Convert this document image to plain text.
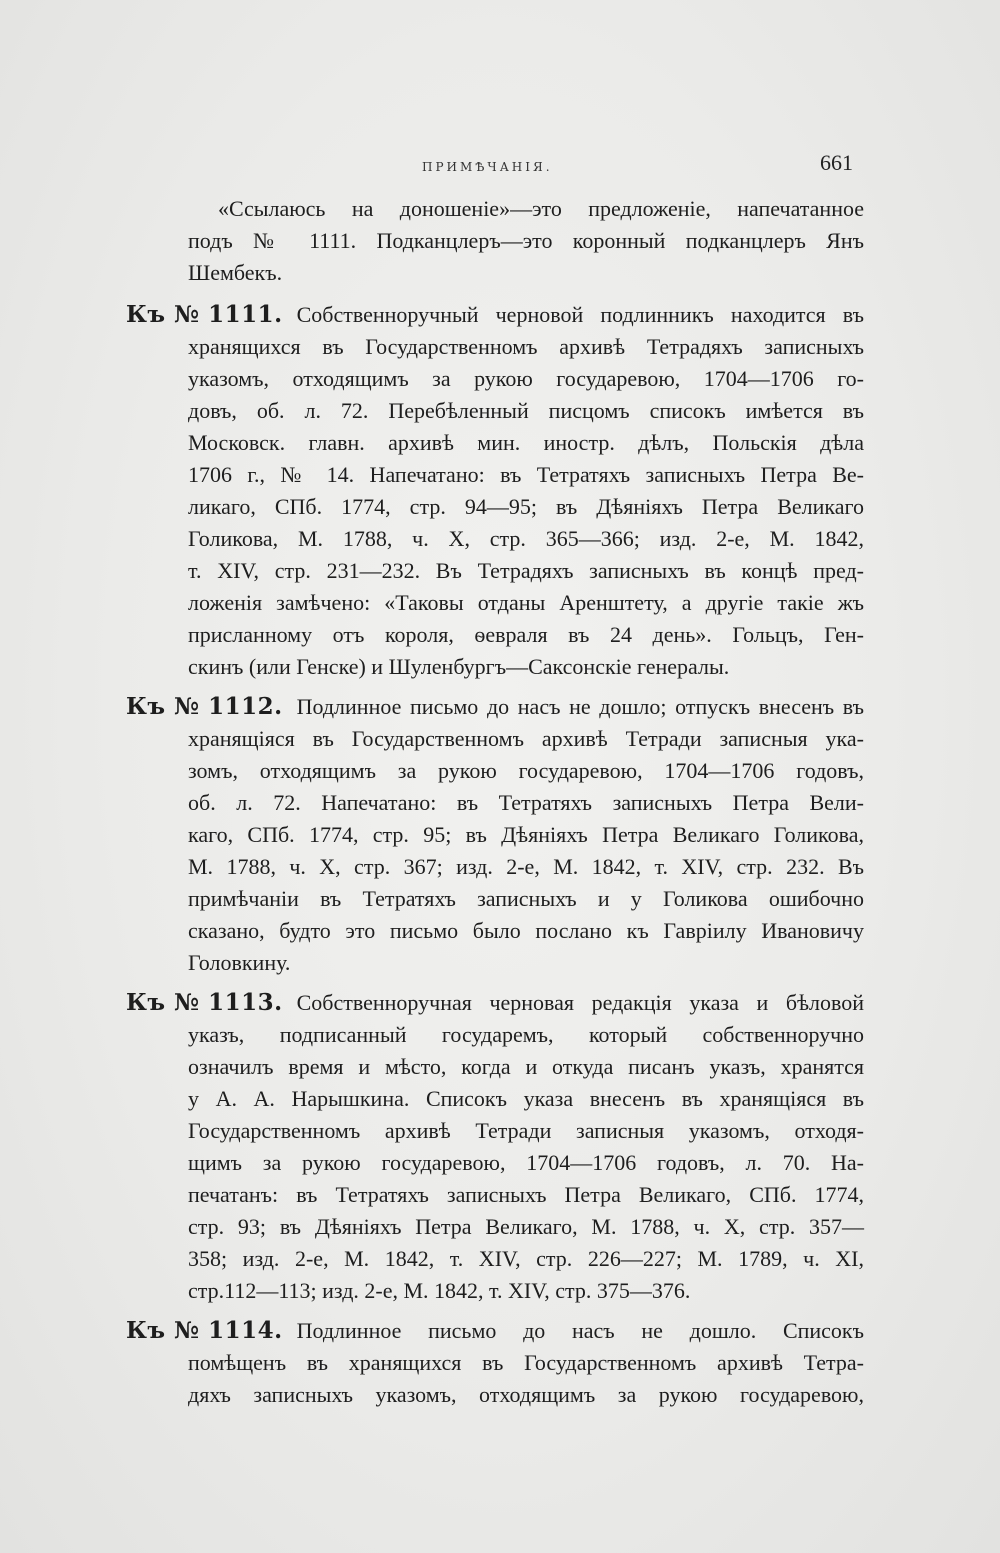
ПРИМѢЧАНІЯ.	661
«Ссылаюсь на доношеніе»—это предложеніе, напечатанное
подъ № 1111. Подканцлеръ—это коронный подканцлеръ Янъ
Шембекъ.
Къ № 1111. Собственноручный черновой подлинникъ находится въ
хранящихся въ Государственномъ архивѣ Тетрадяхъ записныхъ
указомъ, отходящимъ за рукою государевою, 1704—1706 го-
довъ, об. л. 72. Перебѣленный писцомъ списокъ имѣется въ
Московск. главн. архивѣ мин. иностр. дѣлъ, Польскія дѣла
1706 г., № 14. Напечатано: въ Тетратяхъ записныхъ Петра Ве-
ликаго, СПб. 1774, стр. 94—95; въ Дѣяніяхъ Петра Великаго
Голикова, М. 1788, ч. X, стр. 365—366; изд. 2-е, М. 1842,
т. XIV, стр. 231—232. Въ Тетрадяхъ записныхъ въ концѣ пред-
ложенія замѣчено: «Таковы отданы Аренштету, а другіе такіе жъ
присланному отъ короля, ѳевраля въ 24 день». Гольцъ, Ген-
скинъ (или Генске) и Шуленбургъ—Саксонскіе генералы.
Къ № 1112. Подлинное письмо до насъ не дошло; отпускъ внесенъ въ
хранящіяся въ Государственномъ архивѣ Тетради записныя ука-
зомъ, отходящимъ за рукою государевою, 1704—1706 годовъ,
об. л. 72. Напечатано: въ Тетратяхъ записныхъ Петра Вели-
каго, СПб. 1774, стр. 95; въ Дѣяніяхъ Петра Великаго Голикова,
М. 1788, ч. X, стр. 367; изд. 2-е, М. 1842, т. XIV, стр. 232. Въ
примѣчаніи въ Тетратяхъ записныхъ и у Голикова ошибочно
сказано, будто это письмо было послано къ Гавріилу Ивановичу
Головкину.
Къ № 1113. Собственноручная черновая редакція указа и бѣловой
указъ, подписанный государемъ, который собственноручно
означилъ время и мѣсто, когда и откуда писанъ указъ, хранятся
у А. А. Нарышкина. Списокъ указа внесенъ въ хранящіяся въ
Государственномъ архивѣ Тетради записныя указомъ, отходя-
щимъ за рукою государевою, 1704—1706 годовъ, л. 70. На-
печатанъ: въ Тетратяхъ записныхъ Петра Великаго, СПб. 1774,
стр. 93; въ Дѣяніяхъ Петра Великаго, М. 1788, ч. X, стр. 357—
358; изд. 2-е, М. 1842, т. XIV, стр. 226—227; М. 1789, ч. XI,
стр.112—113; изд. 2-е, М. 1842, т. XIV, стр. 375—376.
Къ № 1114. Подлинное письмо до насъ не дошло. Списокъ
помѣщенъ въ хранящихся въ Государственномъ архивѣ Тетра-
дяхъ записныхъ указомъ, отходящимъ за рукою государевою,
